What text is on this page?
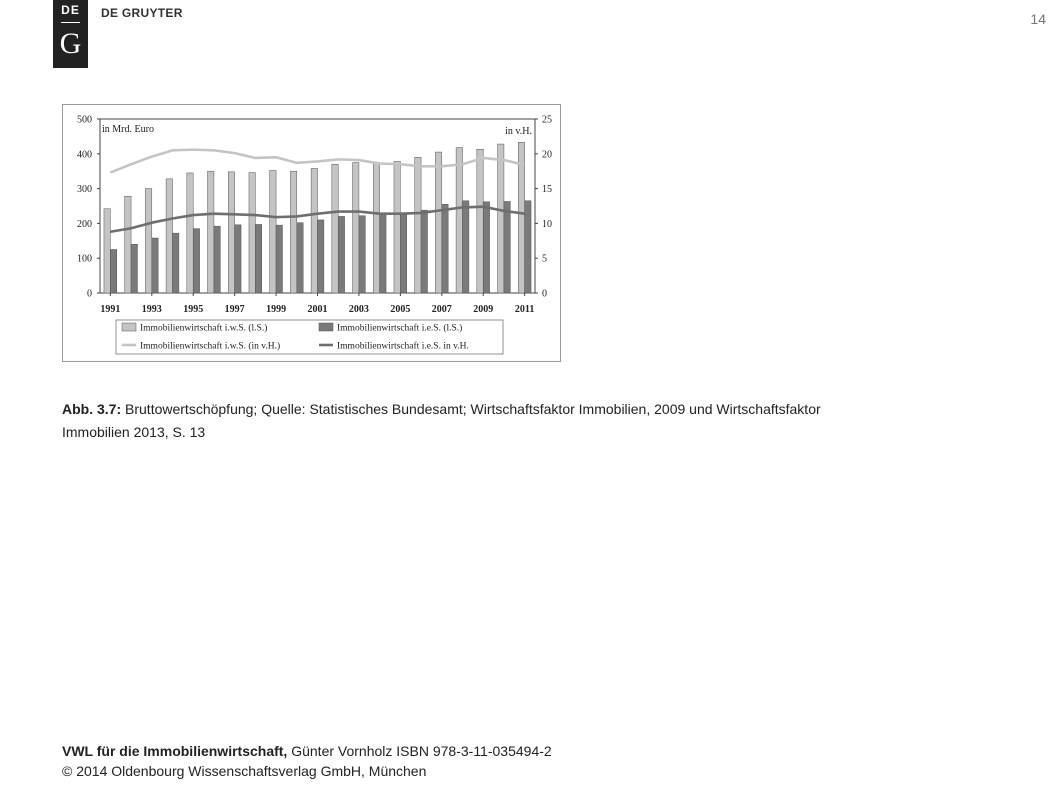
DE
G
DE GRUYTER	14
0
100
200
300
400
500
0
5
10
15
20
25
in Mrd. Euro	in v.H.
1991 1993 1995 1997 1999 2001 2003 2005 2007 2009 2011
Immobilienwirtschaft i.w.S. (l.S.)	Immobilienwirtschaft i.e.S. (l.S.)
Immobilienwirtschaft i.w.S. (in v.H.)	Immobilienwirtschaft i.e.S. in v.H.
Abb. 3.7: Bruttowertschöpfung; Quelle: Statistisches Bundesamt; Wirtschaftsfaktor Immobilien, 2009 und Wirtschaftsfaktor Immobilien 2013, S. 13
VWL für die Immobilienwirtschaft, Günter Vornholz ISBN 978-3-11-035494-2
© 2014 Oldenbourg Wissenschaftsverlag GmbH, München
